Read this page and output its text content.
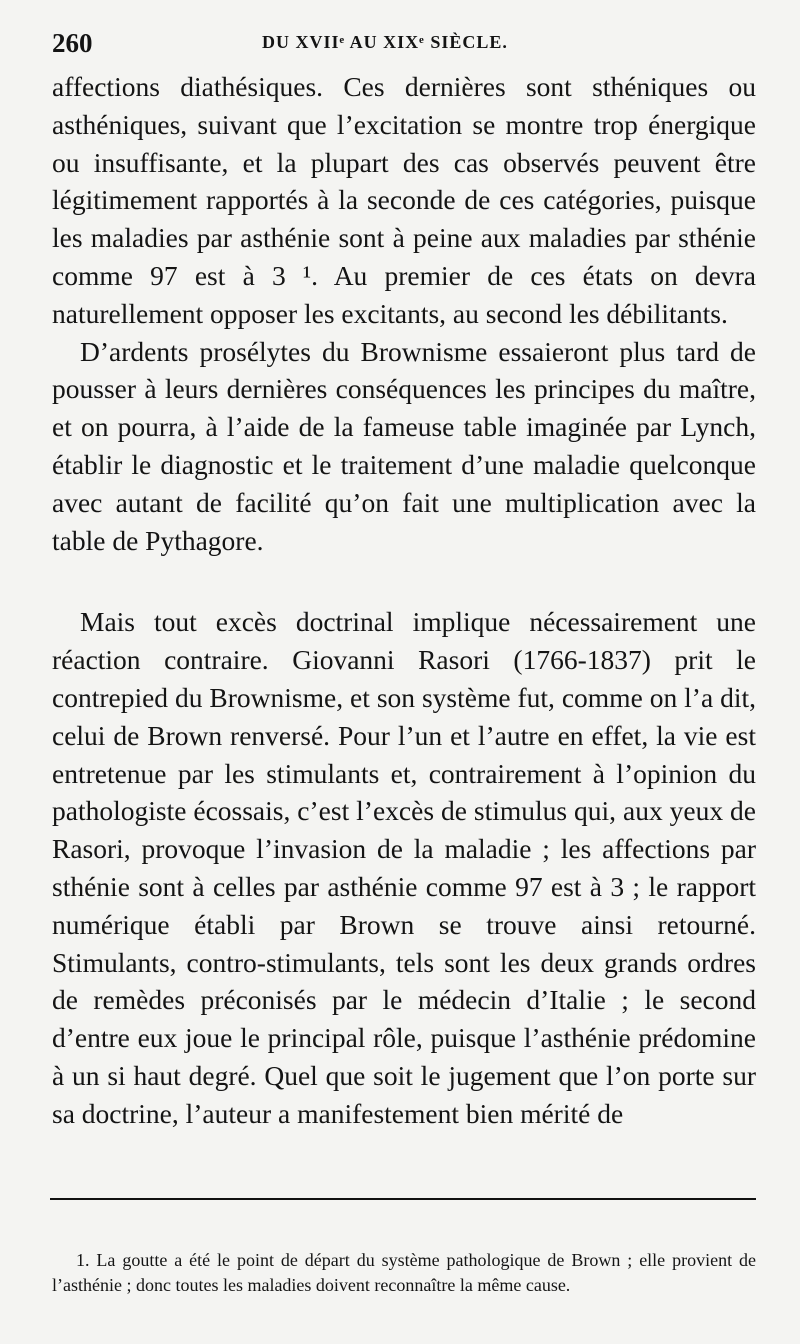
260	DU XVIIᵉ AU XIXᵉ SIÈCLE.

affections diathésiques. Ces dernières sont sthéniques ou asthéniques, suivant que l’excitation se montre trop énergique ou insuffisante, et la plupart des cas observés peuvent être légitimement rapportés à la seconde de ces catégories, puisque les maladies par asthénie sont à peine aux maladies par sthénie comme 97 est à 3 ¹. Au premier de ces états on devra naturellement opposer les excitants, au second les débilitants.

D’ardents prosélytes du Brownisme essaieront plus tard de pousser à leurs dernières conséquences les principes du maître, et on pourra, à l’aide de la fameuse table imaginée par Lynch, établir le diagnostic et le traitement d’une maladie quelconque avec autant de facilité qu’on fait une multiplication avec la table de Pythagore.

Mais tout excès doctrinal implique nécessairement une réaction contraire. Giovanni Rasori (1766-1837) prit le contrepied du Brownisme, et son système fut, comme on l’a dit, celui de Brown renversé. Pour l’un et l’autre en effet, la vie est entretenue par les stimulants et, contrairement à l’opinion du pathologiste écossais, c’est l’excès de stimulus qui, aux yeux de Rasori, provoque l’invasion de la maladie ; les affections par sthénie sont à celles par asthénie comme 97 est à 3 ; le rapport numérique établi par Brown se trouve ainsi retourné. Stimulants, contro-stimulants, tels sont les deux grands ordres de remèdes préconisés par le médecin d’Italie ; le second d’entre eux joue le principal rôle, puisque l’asthénie prédomine à un si haut degré. Quel que soit le jugement que l’on porte sur sa doctrine, l’auteur a manifestement bien mérité de

1. La goutte a été le point de départ du système pathologique de Brown ; elle provient de l’asthénie ; donc toutes les maladies doivent reconnaître la même cause.
